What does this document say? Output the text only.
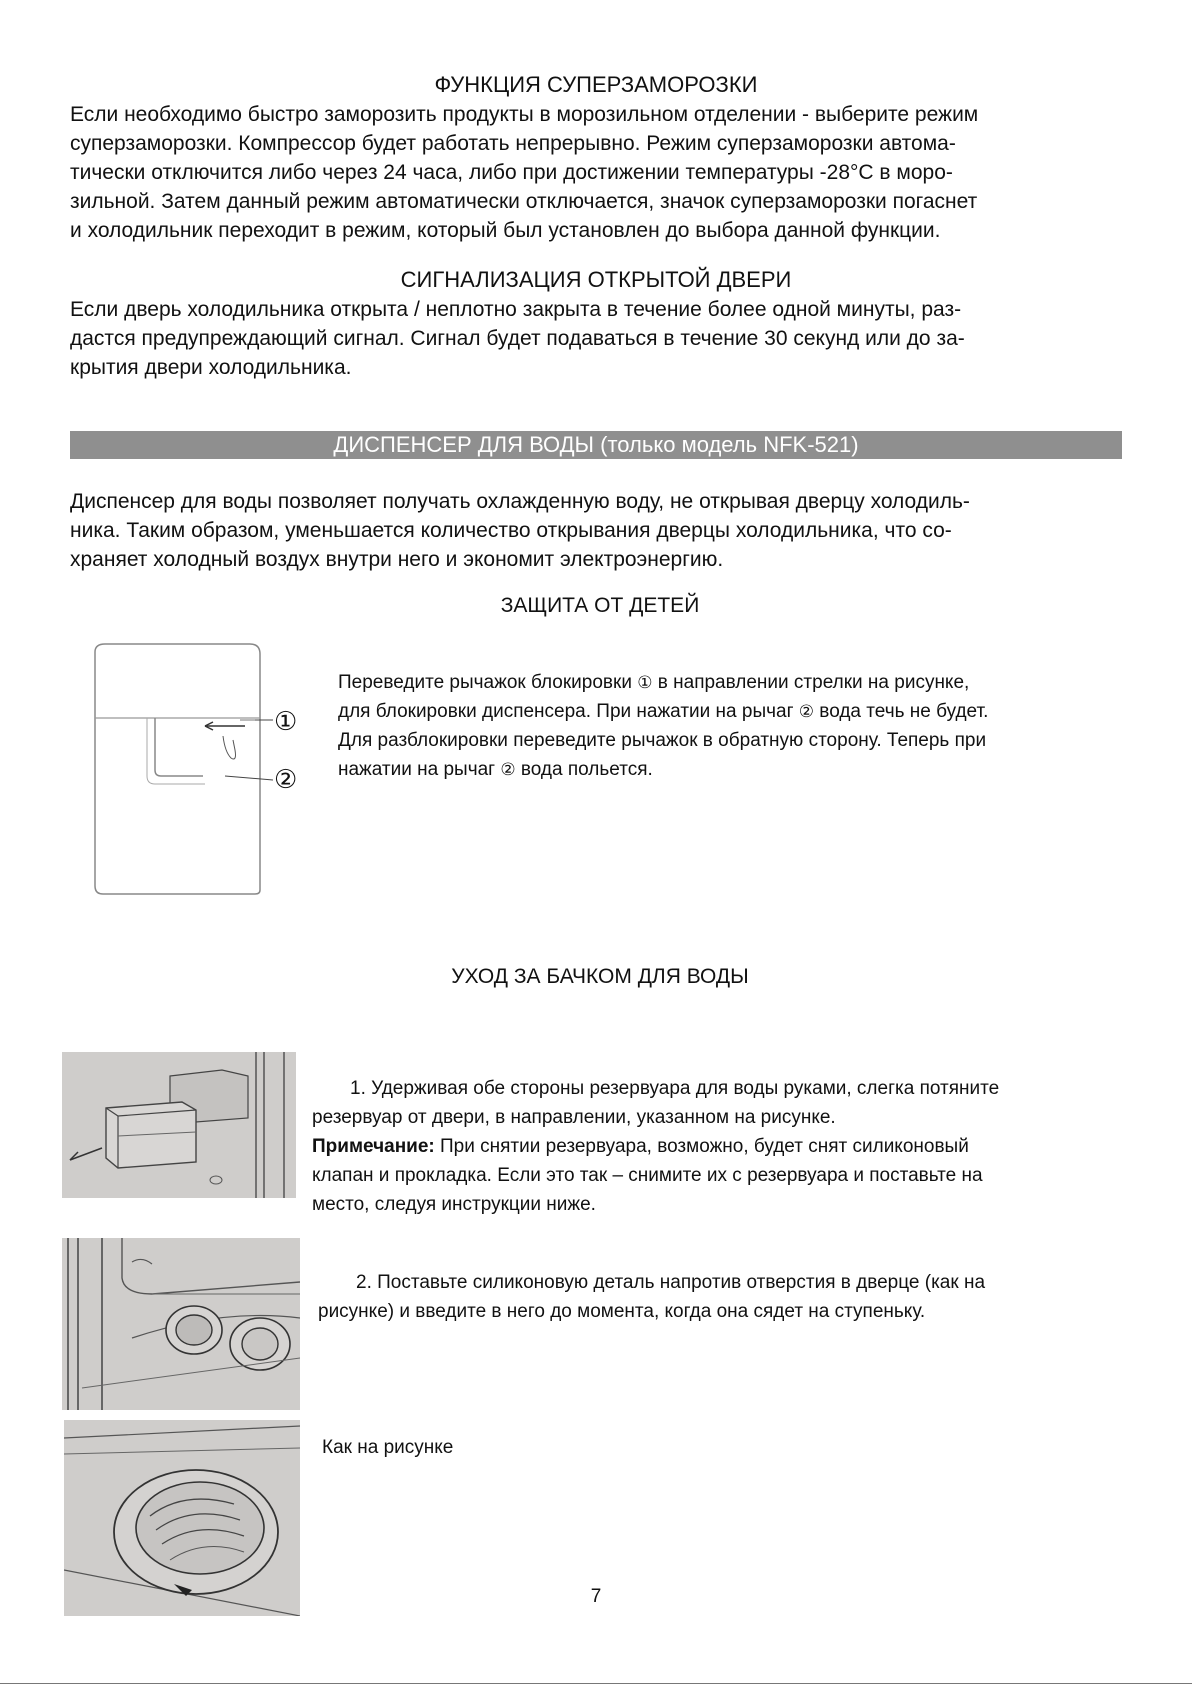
ФУНКЦИЯ СУПЕРЗАМОРОЗКИ
Если необходимо быстро заморозить продукты в морозильном отделении - выберите режим
суперзаморозки. Компрессор будет работать непрерывно. Режим суперзаморозки автома-
тически отключится либо через 24 часа, либо при достижении температуры -28°С в моро-
зильной. Затем данный режим автоматически отключается, значок суперзаморозки погаснет
и холодильник переходит в режим, который был установлен до выбора данной функции.
СИГНАЛИЗАЦИЯ ОТКРЫТОЙ ДВЕРИ
Если дверь холодильника открыта / неплотно закрыта в течение более одной минуты, раз-
дастся предупреждающий сигнал. Сигнал будет подаваться в течение 30 секунд или до за-
крытия двери холодильника.
ДИСПЕНСЕР ДЛЯ ВОДЫ (только модель NFK-521)
Диспенсер для воды позволяет получать охлажденную воду, не открывая дверцу холодиль-
ника. Таким образом, уменьшается количество открывания дверцы холодильника, что со-
храняет холодный воздух внутри него и экономит электроэнергию.
ЗАЩИТА ОТ ДЕТЕЙ
①
②
Переведите рычажок блокировки ① в направлении стрелки на рисунке,
для блокировки диспенсера. При нажатии на рычаг ② вода течь не будет.
Для разблокировки переведите рычажок в обратную сторону. Теперь при
нажатии на рычаг ② вода польется.
УХОД ЗА БАЧКОМ ДЛЯ ВОДЫ
1. Удерживая обе стороны резервуара для воды руками, слегка потяните
резервуар от двери, в направлении, указанном на рисунке.
Примечание: При снятии резервуара, возможно, будет снят силиконовый
клапан и прокладка. Если это так – снимите их с резервуара и поставьте на
место, следуя инструкции ниже.
2. Поставьте силиконовую деталь напротив отверстия в дверце (как на
рисунке) и введите в него до момента, когда она сядет на ступеньку.
Как на рисунке
7
